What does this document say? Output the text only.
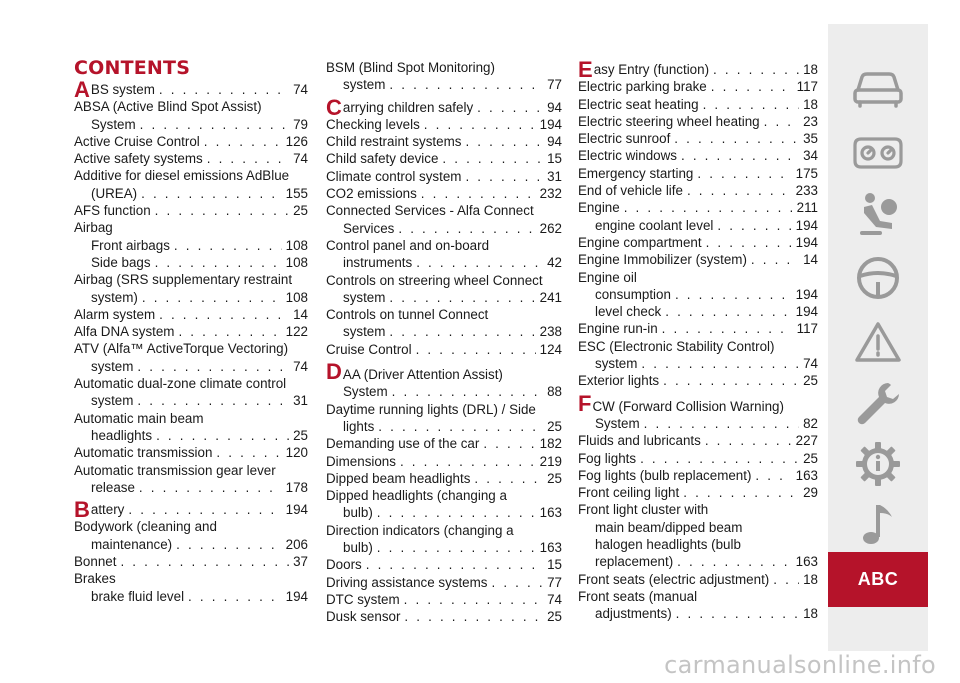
CONTENTS
A BS system . . .	74
ABSA (Active Blind Spot Assist)
System . . .	79
Active Cruise Control . . .	126
Active safety systems . . .	74
Additive for diesel emissions AdBlue
(UREA) . . .	155
AFS function . . .	25
Airbag
Front airbags . . .	108
Side bags . . .	108
Airbag (SRS supplementary restraint
system) . . .	108
Alarm system . . .	14
Alfa DNA system . . .	122
ATV (Alfa™ ActiveTorque Vectoring)
system . . .	74
Automatic dual-zone climate control
system . . .	31
Automatic main beam
headlights . . .	25
Automatic transmission . . .	120
Automatic transmission gear lever
release . . .	178
B attery . . .	194
Bodywork (cleaning and
maintenance) . . .	206
Bonnet . . .	37
Brakes
brake fluid level . . .	194
BSM (Blind Spot Monitoring)
system . . .	77
C arrying children safely . . .	94
Checking levels . . .	194
Child restraint systems . . .	94
Child safety device . . .	15
Climate control system . . .	31
CO2 emissions . . .	232
Connected Services - Alfa Connect
Services . . .	262
Control panel and on-board
instruments . . .	42
Controls on streering wheel Connect
system . . .	241
Controls on tunnel Connect
system . . .	238
Cruise Control . . .	124
DAA (Driver Attention Assist)
System . . .	88
Daytime running lights (DRL) / Side
lights . . .	25
Demanding use of the car . . .	182
Dimensions . . .	219
Dipped beam headlights . . .	25
Dipped headlights (changing a
bulb) . . .	163
Direction indicators (changing a
bulb) . . .	163
Doors . . .	15
Driving assistance systems . . .	77
DTC system . . .	74
Dusk sensor . . .	25
E asy Entry (function) . . .	18
Electric parking brake . . .	117
Electric seat heating . . .	18
Electric steering wheel heating . . .	23
Electric sunroof . . .	35
Electric windows . . .	34
Emergency starting . . .	175
End of vehicle life . . .	233
Engine . . .	211
engine coolant level . . .	194
Engine compartment . . .	194
Engine Immobilizer (system) . . .	14
Engine oil
consumption . . .	194
level check . . .	194
Engine run-in . . .	117
ESC (Electronic Stability Control)
system . . .	74
Exterior lights . . .	25
FCW (Forward Collision Warning)
System . . .	82
Fluids and lubricants . . .	227
Fog lights . . .	25
Fog lights (bulb replacement) . . .	163
Front ceiling light . . .	29
Front light cluster with
main beam/dipped beam
halogen headlights (bulb
replacement) . . .	163
Front seats (electric adjustment) . . .	18
Front seats (manual
adjustments) . . .	18
ABC
carmanualsonline.info
